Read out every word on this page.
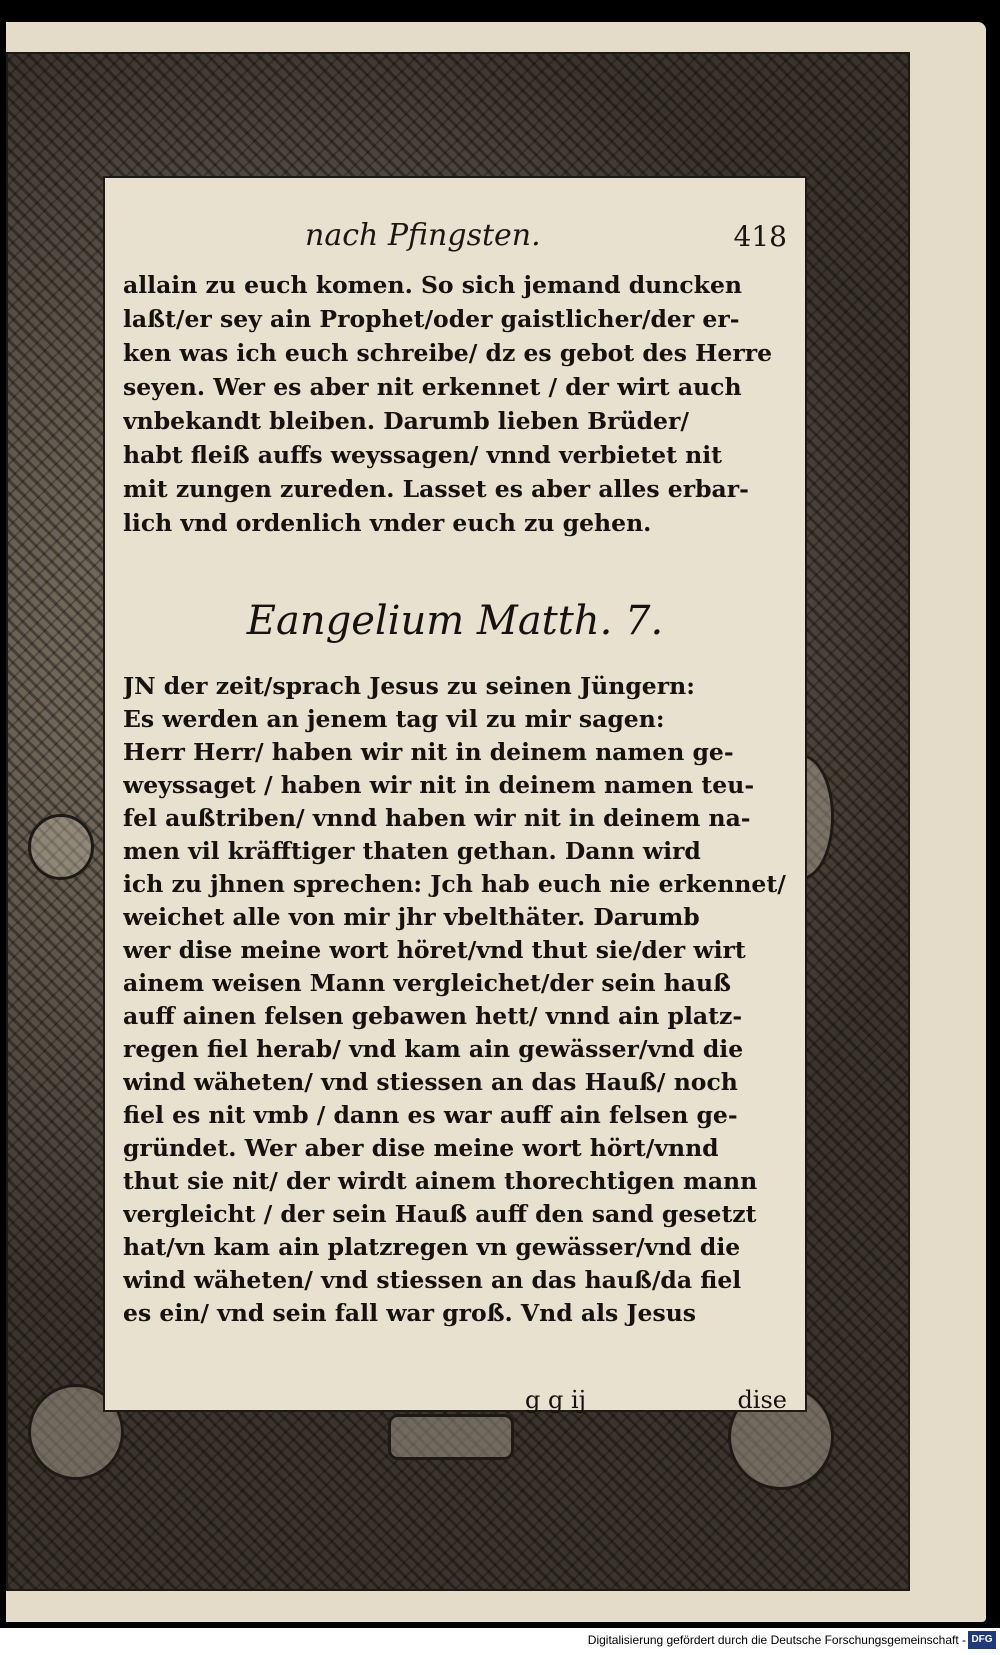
nach Pfingsten.	418
allain zu euch komen. So sich jemand duncken
laßt/er sey ain Prophet/oder gaistlicher/der er-
ken was ich euch schreibe/ dz es gebot des Herre
seyen. Wer es aber nit erkennet / der wirt auch
vnbekandt bleiben. Darumb lieben Brüder/
habt fleiß auffs weyssagen/ vnnd verbietet nit
mit zungen zureden. Lasset es aber alles erbar-
lich vnd ordenlich vnder euch zu gehen.
Eangelium Matth. 7.
JN der zeit/sprach Jesus zu seinen Jüngern:
Es werden an jenem tag vil zu mir sagen:
Herr Herr/ haben wir nit in deinem namen ge-
weyssaget / haben wir nit in deinem namen teu-
fel außtriben/ vnnd haben wir nit in deinem na-
men vil kräfftiger thaten gethan. Dann wird
ich zu jhnen sprechen: Jch hab euch nie erkennet/
weichet alle von mir jhr vbelthäter. Darumb
wer dise meine wort höret/vnd thut sie/der wirt
ainem weisen Mann vergleichet/der sein hauß
auff ainen felsen gebawen hett/ vnnd ain platz-
regen fiel herab/ vnd kam ain gewässer/vnd die
wind wäheten/ vnd stiessen an das Hauß/ noch
fiel es nit vmb / dann es war auff ain felsen ge-
gründet. Wer aber dise meine wort hört/vnnd
thut sie nit/ der wirdt ainem thorechtigen mann
vergleicht / der sein Hauß auff den sand gesetzt
hat/vn kam ain platzregen vn gewässer/vnd die
wind wäheten/ vnd stiessen an das hauß/da fiel
es ein/ vnd sein fall war groß. Vnd als Jesus
g g ij	dise
Digitalisierung gefördert durch die Deutsche Forschungsgemeinschaft - DFG
